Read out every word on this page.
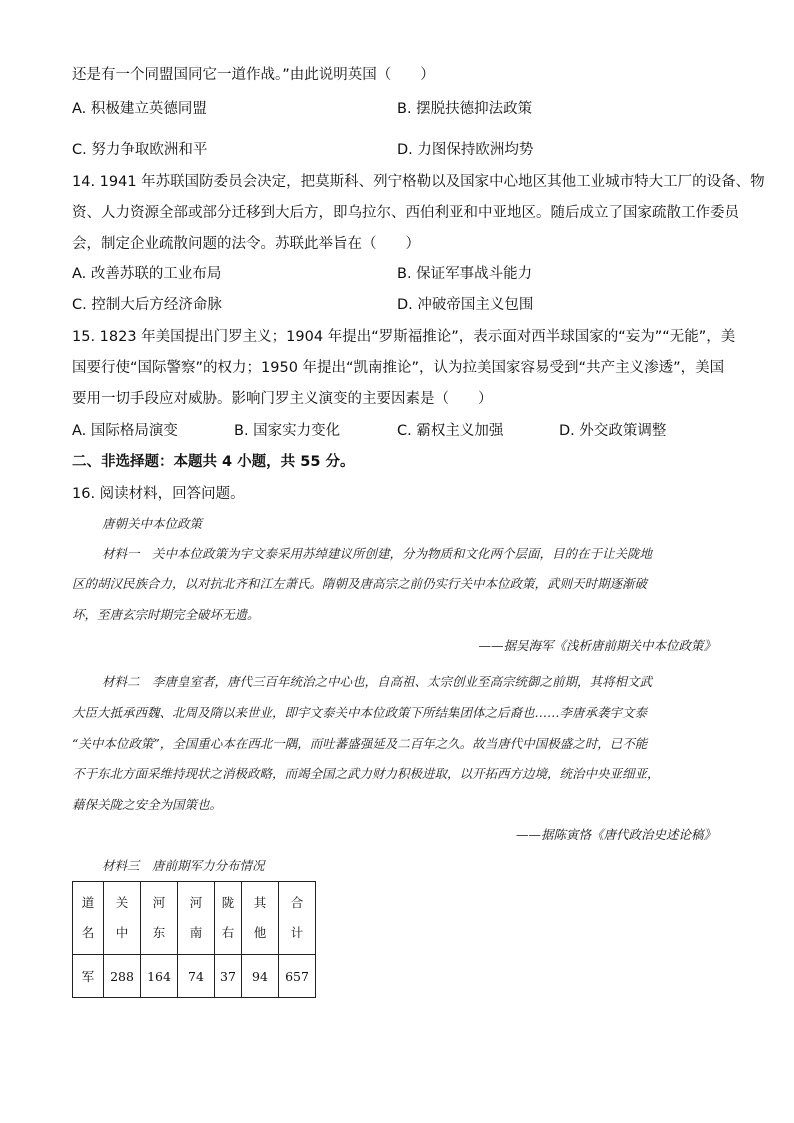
还是有一个同盟国同它一道作战。”由此说明英国（　　）
A. 积极建立英德同盟	B. 摆脱扶德抑法政策
C. 努力争取欧洲和平	D. 力图保持欧洲均势
14. 1941 年苏联国防委员会决定，把莫斯科、列宁格勒以及国家中心地区其他工业城市特大工厂的设备、物
资、人力资源全部或部分迁移到大后方，即乌拉尔、西伯利亚和中亚地区。随后成立了国家疏散工作委员
会，制定企业疏散问题的法令。苏联此举旨在（　　）
A. 改善苏联的工业布局	B. 保证军事战斗能力
C. 控制大后方经济命脉	D. 冲破帝国主义包围
15. 1823 年美国提出门罗主义；1904 年提出“罗斯福推论”，表示面对西半球国家的“妄为”“无能”，美
国要行使“国际警察”的权力；1950 年提出“凯南推论”，认为拉美国家容易受到“共产主义渗透”，美国
要用一切手段应对威胁。影响门罗主义演变的主要因素是（　　）
A. 国际格局演变	B. 国家实力变化	C. 霸权主义加强	D. 外交政策调整
二、非选择题：本题共 4 小题，共 55 分。
16. 阅读材料，回答问题。
唐朝关中本位政策
材料一　关中本位政策为宇文泰采用苏绰建议所创建，分为物质和文化两个层面，目的在于让关陇地
区的胡汉民族合力，以对抗北齐和江左萧氏。隋朝及唐高宗之前仍实行关中本位政策，武则天时期逐渐破
坏，至唐玄宗时期完全破坏无遗。
——据吴海军《浅析唐前期关中本位政策》
材料二　李唐皇室者，唐代三百年统治之中心也，自高祖、太宗创业至高宗统御之前期，其将相文武
大臣大抵承西魏、北周及隋以来世业，即宇文泰关中本位政策下所结集团体之后裔也……李唐承袭宇文泰
“关中本位政策”，全国重心本在西北一隅，而吐蕃盛强延及二百年之久。故当唐代中国极盛之时，已不能
不于东北方面采维持现状之消极政略，而竭全国之武力财力积极进取，以开拓西方边境，统治中央亚细亚，
藉保关陇之安全为国策也。
——据陈寅恪《唐代政治史述论稿》
材料三　唐前期军力分布情况
道名	关中	河东	河南	陇右	其他	合计

军	288	164	74	37	94	657
